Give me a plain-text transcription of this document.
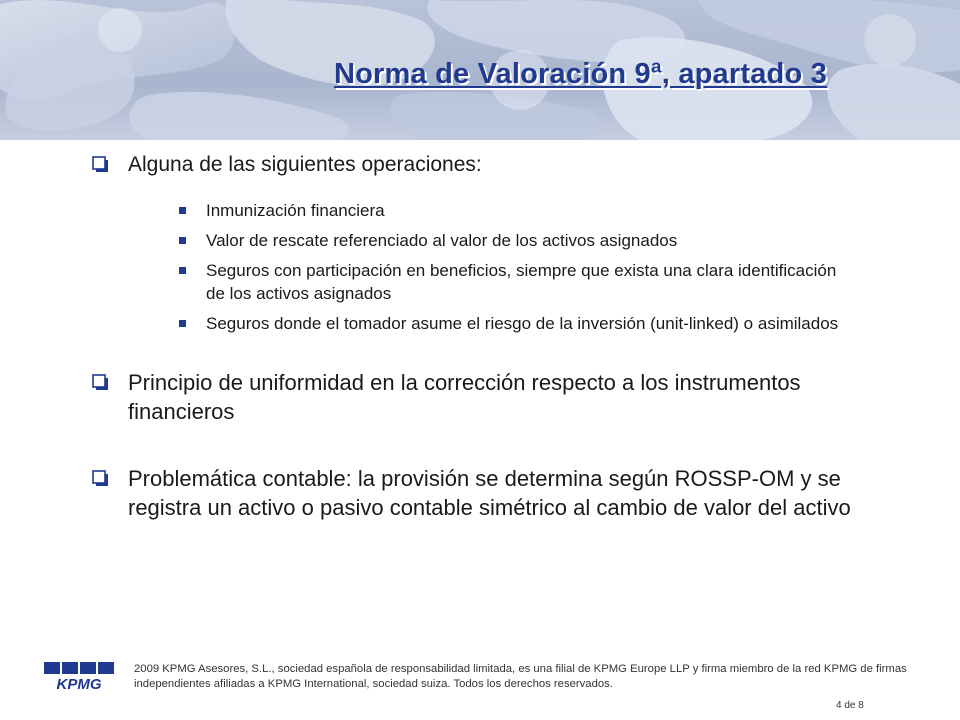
Norma de Valoración 9ª, apartado 3
Alguna de las siguientes operaciones:
Inmunización financiera
Valor de rescate referenciado al valor de los activos asignados
Seguros con participación en beneficios, siempre que exista una clara identificación de los activos asignados
Seguros donde el tomador asume el riesgo de la inversión (unit-linked) o asimilados
Principio de uniformidad en la corrección respecto a los instrumentos financieros
Problemática contable: la provisión se determina según ROSSP-OM y se registra un activo o pasivo contable simétrico al cambio de valor del activo
KPMG
2009 KPMG Asesores, S.L., sociedad española de responsabilidad limitada, es una filial de KPMG Europe LLP y firma miembro de la red KPMG de firmas independientes afiliadas a KPMG International, sociedad suiza. Todos los derechos reservados.
4 de 8
